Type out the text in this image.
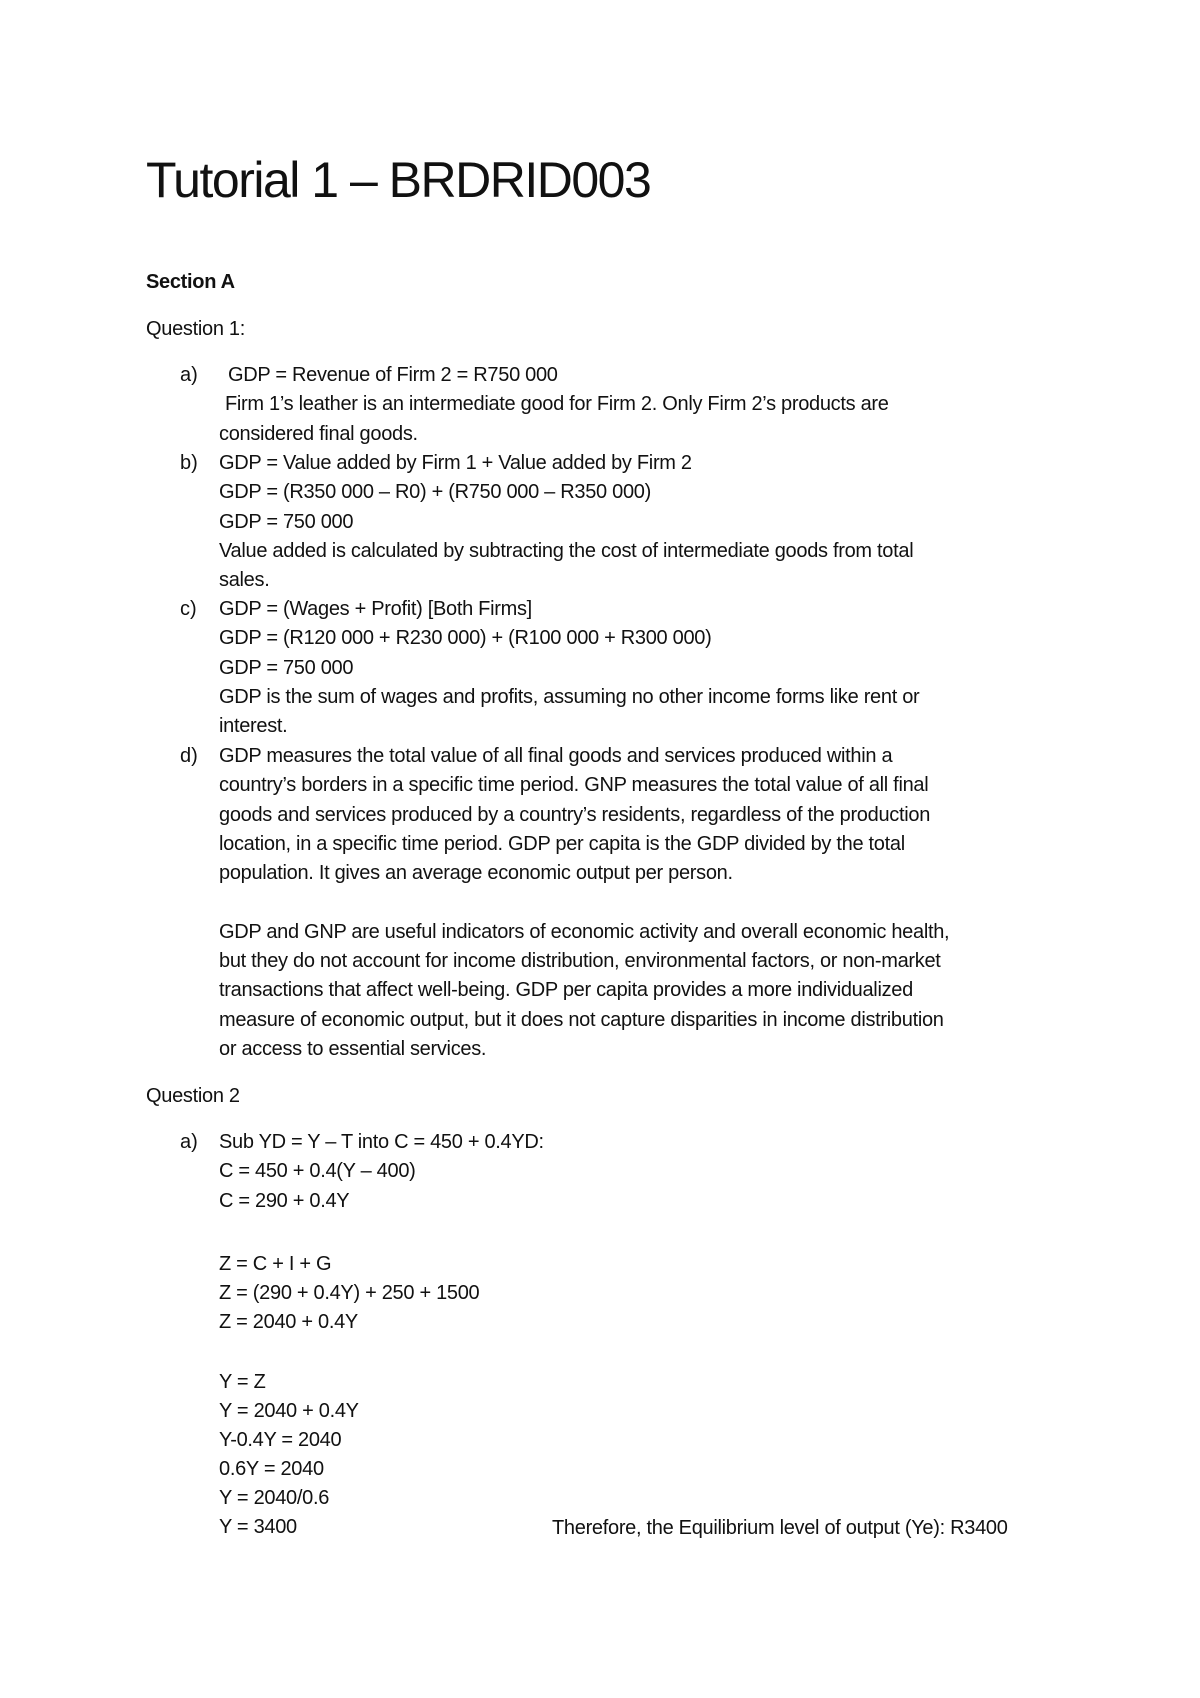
Tutorial 1 – BRDRID003

Section A

Question 1:

a)	GDP = Revenue of Firm 2 = R750 000
Firm 1’s leather is an intermediate good for Firm 2. Only Firm 2’s products are
considered final goods.
b)	GDP = Value added by Firm 1 + Value added by Firm 2
GDP = (R350 000 – R0) + (R750 000 – R350 000)
GDP = 750 000
Value added is calculated by subtracting the cost of intermediate goods from total
sales.
c)	GDP = (Wages + Profit) [Both Firms]
GDP = (R120 000 + R230 000) + (R100 000 + R300 000)
GDP = 750 000
GDP is the sum of wages and profits, assuming no other income forms like rent or
interest.
d)	GDP measures the total value of all final goods and services produced within a
country’s borders in a specific time period. GNP measures the total value of all final
goods and services produced by a country’s residents, regardless of the production
location, in a specific time period. GDP per capita is the GDP divided by the total
population. It gives an average economic output per person.
GDP and GNP are useful indicators of economic activity and overall economic health,
but they do not account for income distribution, environmental factors, or non-market
transactions that affect well-being. GDP per capita provides a more individualized
measure of economic output, but it does not capture disparities in income distribution
or access to essential services.

Question 2

a)	Sub YD = Y – T into C = 450 + 0.4YD:
C = 450 + 0.4(Y – 400)
C = 290 + 0.4Y
Z = C + I + G
Z = (290 + 0.4Y) + 250 + 1500
Z = 2040 + 0.4Y
Y = Z
Y = 2040 + 0.4Y
Y-0.4Y = 2040
0.6Y = 2040
Y = 2040/0.6
Y = 3400	Therefore, the Equilibrium level of output (Ye): R3400
